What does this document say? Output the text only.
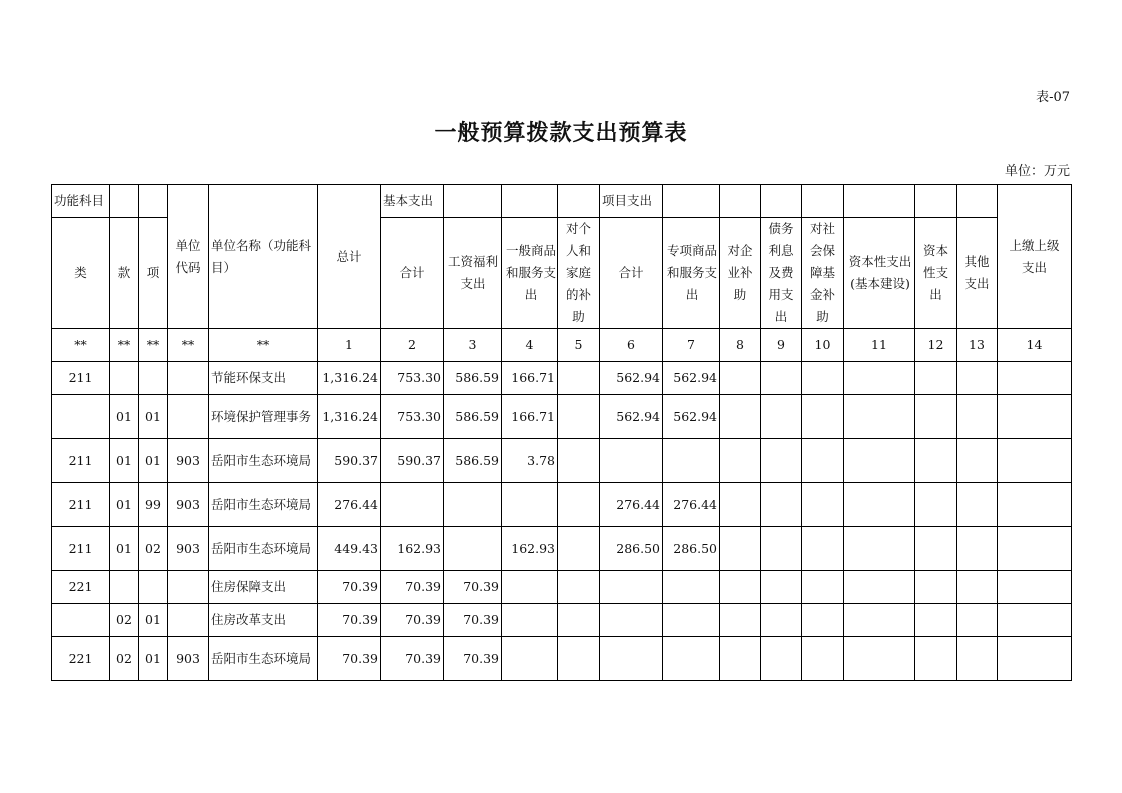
表-07
一般预算拨款支出预算表
单位：万元
功能科目			单位代码	单位名称（功能科目）	总计	基本支出				项目支出								上缴上级支出

类	款	项				合计	工资福利支出	一般商品和服务支出	对个人和家庭的补助	合计	专项商品和服务支出	对企业补助	债务利息及费用支出	对社会保障基金补助	资本性支出(基本建设)	资本性支出	其他支出	

**	**	**	**	**	1	2	3	4	5	6	7	8	9	10	11	12	13	14
211				节能环保支出	1,316.24	753.30	586.59	166.71		562.94	562.94							
	01	01		环境保护管理事务	1,316.24	753.30	586.59	166.71		562.94	562.94							
211	01	01	903	岳阳市生态环境局	590.37	590.37	586.59	3.78										
211	01	99	903	岳阳市生态环境局	276.44					276.44	276.44							
211	01	02	903	岳阳市生态环境局	449.43	162.93		162.93		286.50	286.50							
221				住房保障支出	70.39	70.39	70.39											
	02	01		住房改革支出	70.39	70.39	70.39											
221	02	01	903	岳阳市生态环境局	70.39	70.39	70.39											
